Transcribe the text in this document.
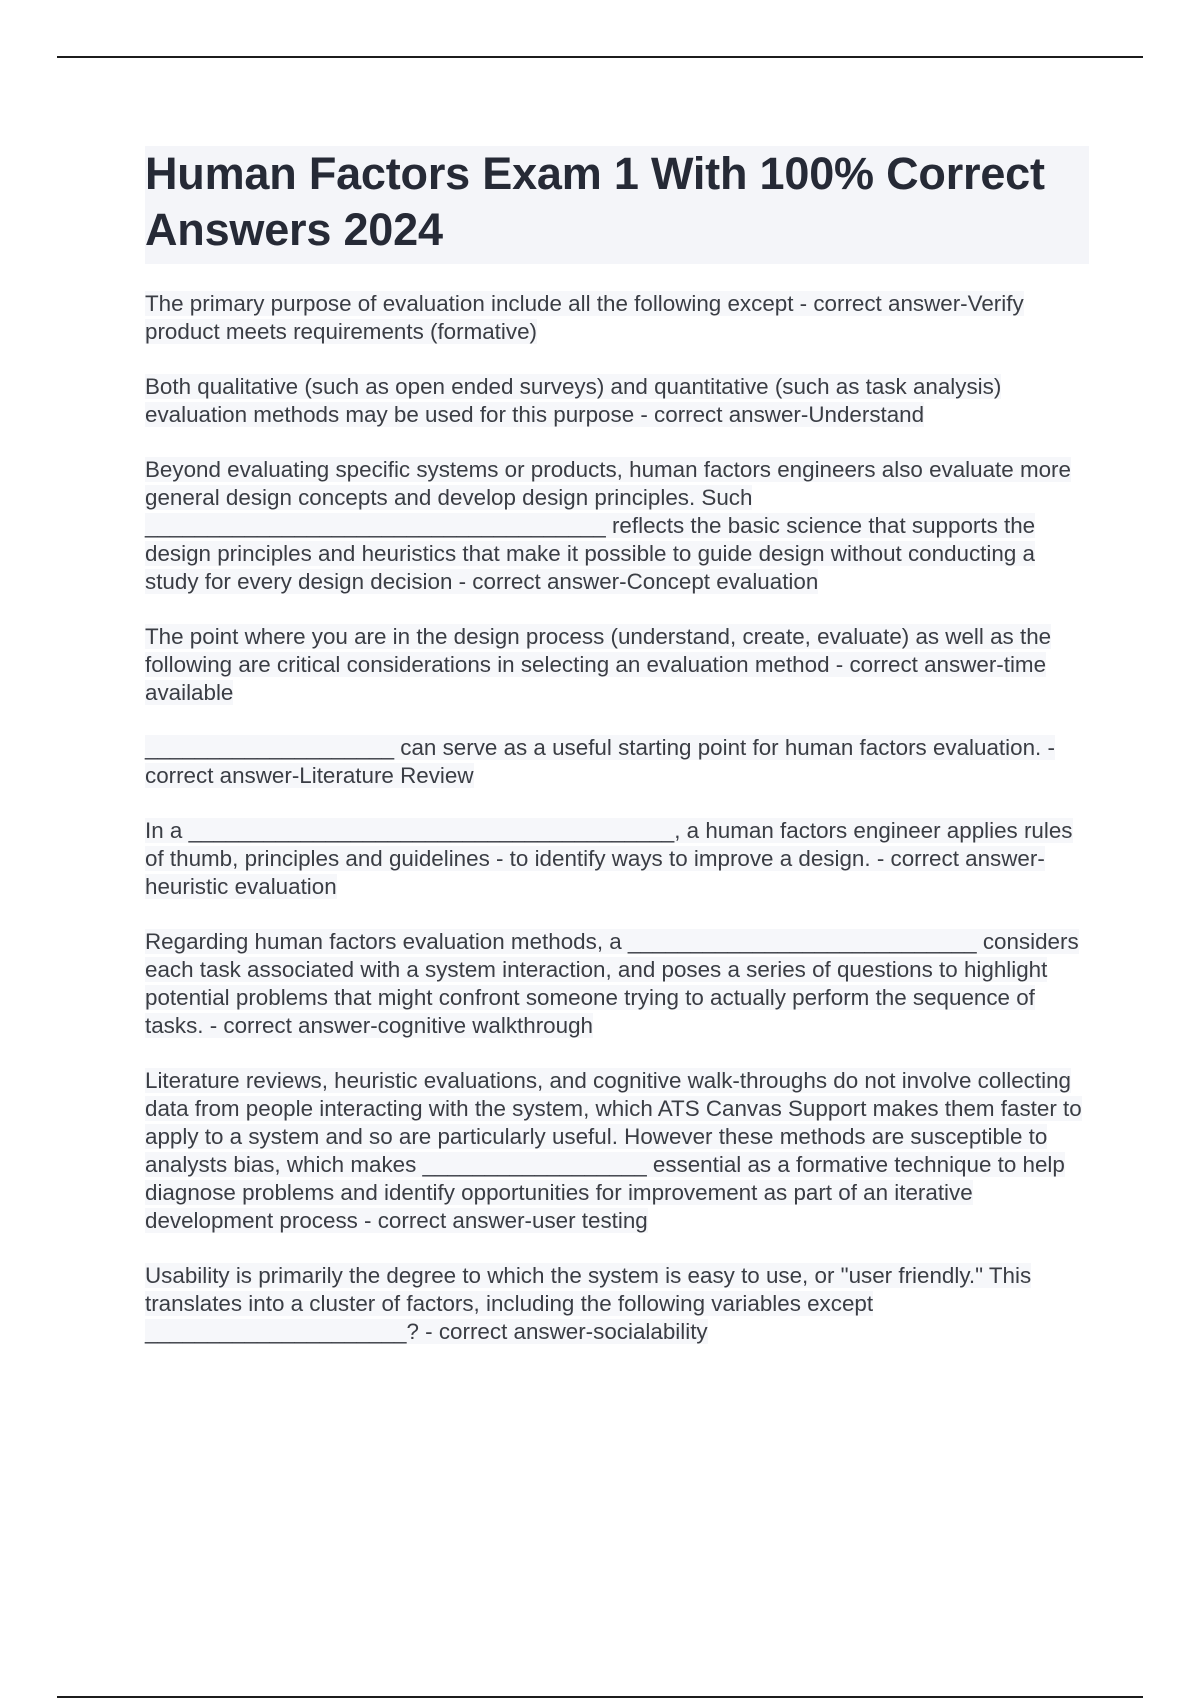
Human Factors Exam 1 With 100% Correct Answers 2024

The primary purpose of evaluation include all the following except - correct answer-Verify product meets requirements (formative)

Both qualitative (such as open ended surveys) and quantitative (such as task analysis) evaluation methods may be used for this purpose - correct answer-Understand

Beyond evaluating specific systems or products, human factors engineers also evaluate more general design concepts and develop design principles. Such _____________________________________ reflects the basic science that supports the design principles and heuristics that make it possible to guide design without conducting a study for every design decision - correct answer-Concept evaluation

The point where you are in the design process (understand, create, evaluate) as well as the following are critical considerations in selecting an evaluation method - correct answer-time available

____________________ can serve as a useful starting point for human factors evaluation. - correct answer-Literature Review

In a _______________________________________, a human factors engineer applies rules of thumb, principles and guidelines - to identify ways to improve a design. - correct answer-heuristic evaluation

Regarding human factors evaluation methods, a ____________________________ considers each task associated with a system interaction, and poses a series of questions to highlight potential problems that might confront someone trying to actually perform the sequence of tasks. - correct answer-cognitive walkthrough

Literature reviews, heuristic evaluations, and cognitive walk-throughs do not involve collecting data from people interacting with the system, which ATS Canvas Support makes them faster to apply to a system and so are particularly useful. However these methods are susceptible to analysts bias, which makes __________________ essential as a formative technique to help diagnose problems and identify opportunities for improvement as part of an iterative development process - correct answer-user testing

Usability is primarily the degree to which the system is easy to use, or "user friendly." This translates into a cluster of factors, including the following variables except _____________________? - correct answer-socialability
